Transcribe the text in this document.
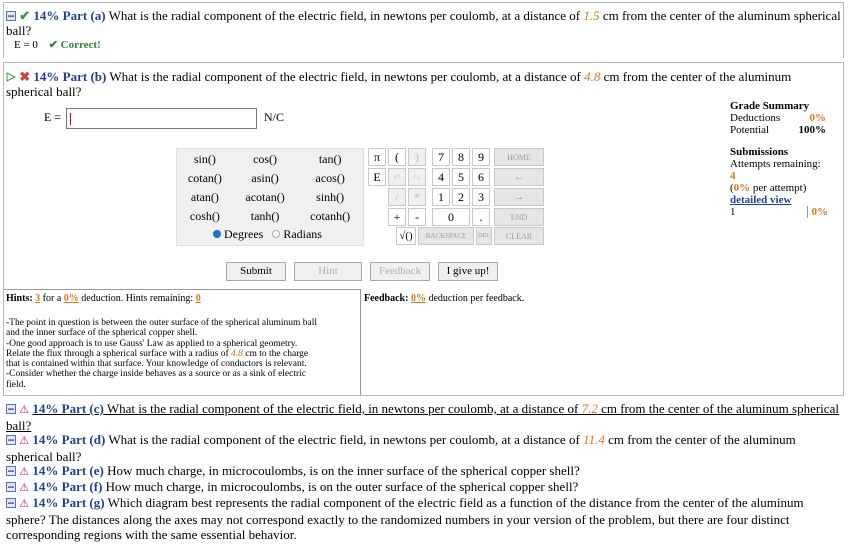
✔ 14% Part (a) What is the radial component of the electric field, in newtons per coulomb, at a distance of 1.5 cm from the center of the aluminum spherical
ball?
E = 0 ✔ Correct!
✖ 14% Part (b) What is the radial component of the electric field, in newtons per coulomb, at a distance of 4.8 cm from the center of the aluminum
spherical ball?
E =	N/C
Grade Summary
Deductions	0%
Potential	100%
Submissions
Attempts remaining: 4
(0% per attempt)
detailed view
1	0%
sin()	cos()	tan()
cotan()	asin()	acos()
atan()	acotan()	sinh()
cosh()	tanh()	cotanh()
Degrees Radians
π	(	)	7	8	9	HOME
E	↑^	^↓	4	5	6	←
/	*	1	2	3	→
+	-	0	.	END
√()	BACKSPACE	DEL	CLEAR
Submit	Hint	Feedback	I give up!
Hints: 3 for a 0% deduction. Hints remaining: 0
-The point in question is between the outer surface of the spherical aluminum ball
and the inner surface of the spherical copper shell.
-One good approach is to use Gauss' Law as applied to a spherical geometry.
Relate the flux through a spherical surface with a radius of 4.8 cm to the charge
that is contained within that surface. Your knowledge of conductors is relevant.
-Consider whether the charge inside behaves as a source or as a sink of electric
field.
Feedback: 0% deduction per feedback.
⚠ 14% Part (c) What is the radial component of the electric field, in newtons per coulomb, at a distance of 7.2 cm from the center of the aluminum spherical
ball?
⚠ 14% Part (d) What is the radial component of the electric field, in newtons per coulomb, at a distance of 11.4 cm from the center of the aluminum
spherical ball?
⚠ 14% Part (e) How much charge, in microcoulombs, is on the inner surface of the spherical copper shell?
⚠ 14% Part (f) How much charge, in microcoulombs, is on the outer surface of the spherical copper shell?
⚠ 14% Part (g) Which diagram best represents the radial component of the electric field as a function of the distance from the center of the aluminum
sphere? The distances along the axes may not correspond exactly to the randomized numbers in your version of the problem, but there are four distinct
corresponding regions with the same essential behavior.
